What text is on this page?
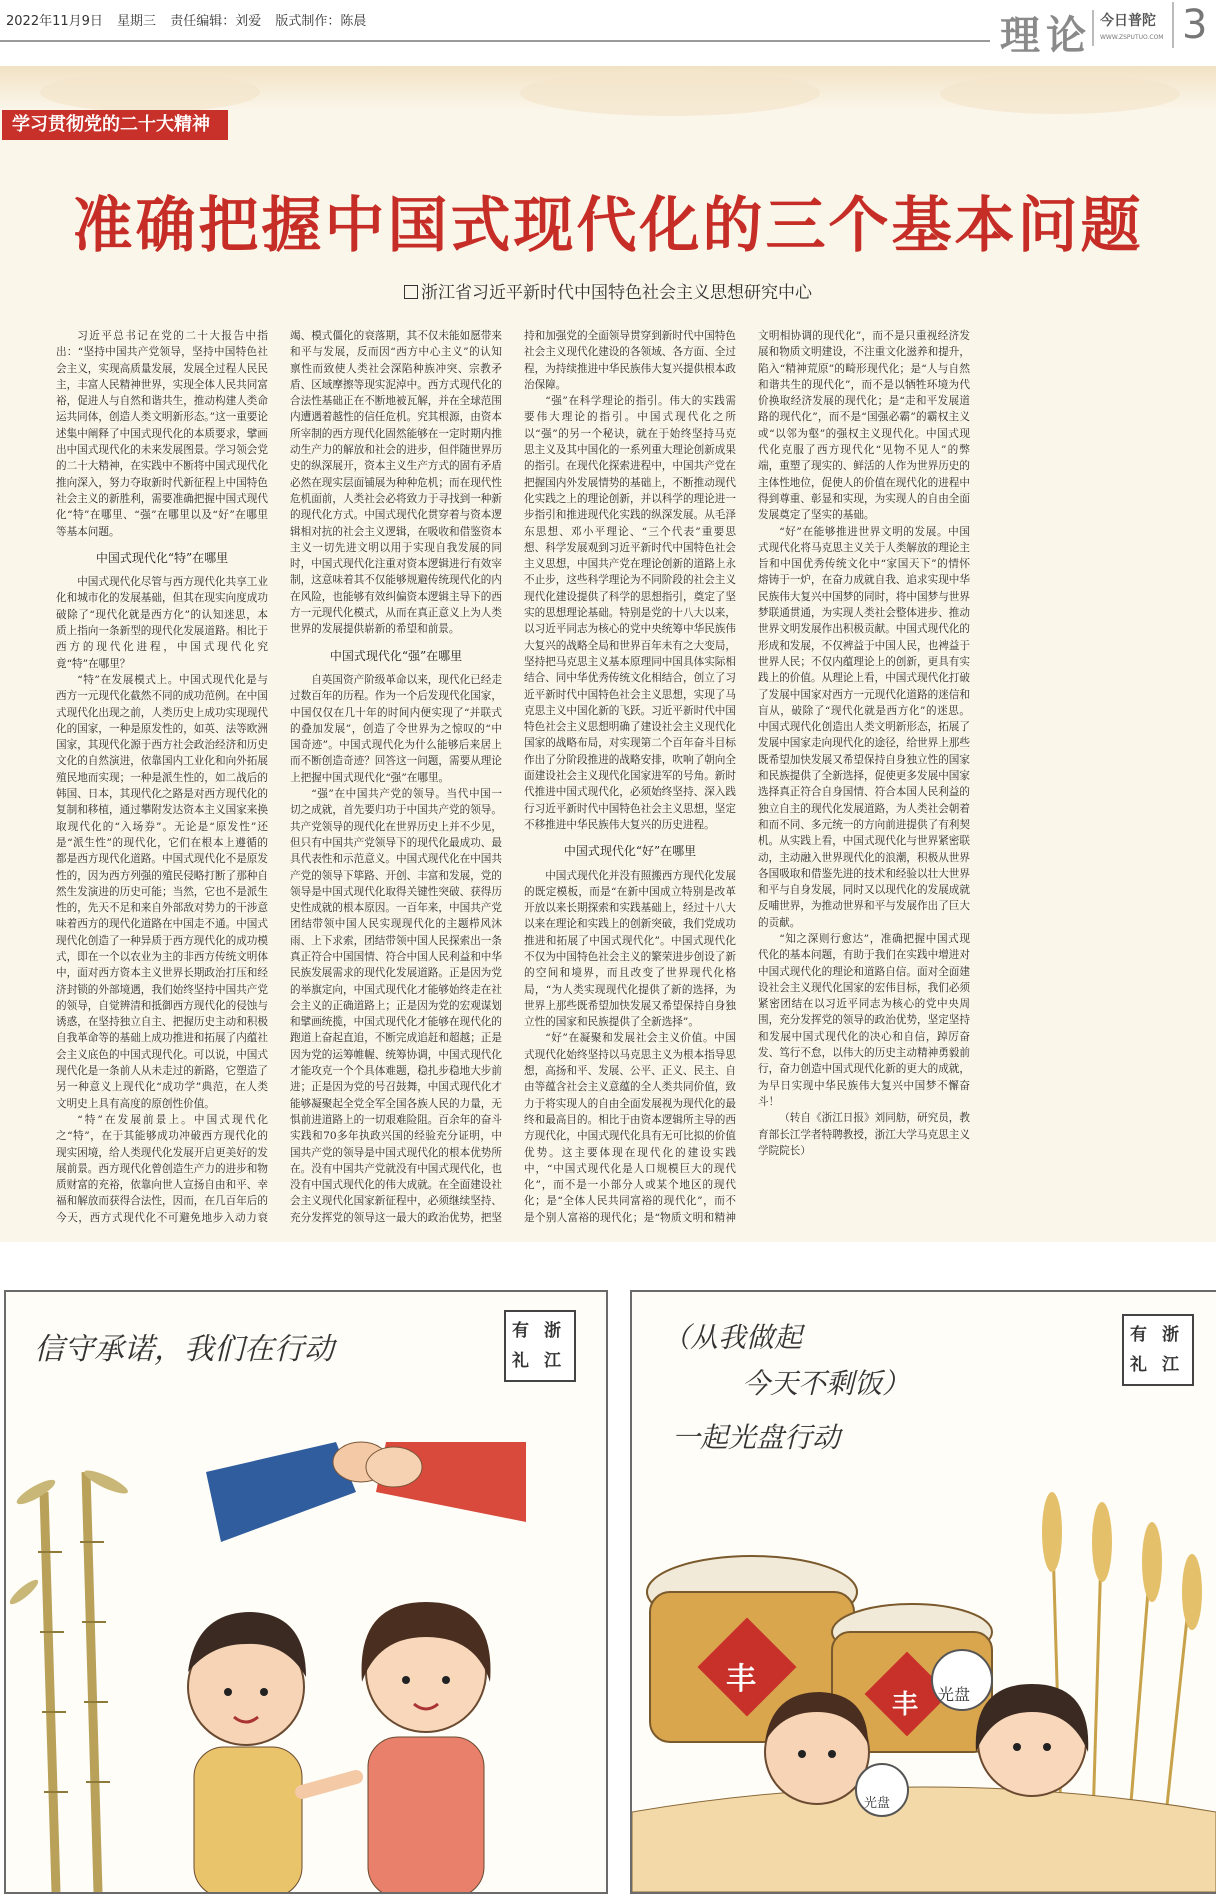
2022年11月9日 星期三 责任编辑：刘爱 版式制作：陈晨	理论 今日普陀
WWW.ZSPUTUO.COM 3
学习贯彻党的二十大精神
准确把握中国式现代化的三个基本问题
浙江省习近平新时代中国特色社会主义思想研究中心

习近平总书记在党的二十大报告中指出：“坚持中国共产党领导，坚持中国特色社会主义，实现高质量发展，发展全过程人民民主，丰富人民精神世界，实现全体人民共同富裕，促进人与自然和谐共生，推动构建人类命运共同体，创造人类文明新形态。”这一重要论述集中阐释了中国式现代化的本质要求，擘画出中国式现代化的未来发展图景。学习领会党的二十大精神，在实践中不断将中国式现代化推向深入，努力夺取新时代新征程上中国特色社会主义的新胜利，需要准确把握中国式现代化“特”在哪里、“强”在哪里以及“好”在哪里等基本问题。

中国式现代化“特”在哪里

中国式现代化尽管与西方现代化共享工业化和城市化的发展基础，但其在现实向度成功破除了“现代化就是西方化”的认知迷思，本质上指向一条新型的现代化发展道路。相比于西方的现代化进程，中国式现代化究竟“特”在哪里？

“特”在发展模式上。中国式现代化是与西方一元现代化截然不同的成功范例。在中国式现代化出现之前，人类历史上成功实现现代化的国家，一种是原发性的，如英、法等欧洲国家，其现代化源于西方社会政治经济和历史文化的自然演进，依靠国内工业化和向外拓展殖民地而实现；一种是派生性的，如二战后的韩国、日本，其现代化之路是对西方现代化的复制和移植，通过攀附发达资本主义国家来换取现代化的“入场券”。无论是“原发性”还是“派生性”的现代化，它们在根本上遵循的都是西方现代化道路。中国式现代化不是原发性的，因为西方列强的殖民侵略打断了那种自然生发演进的历史可能；当然，它也不是派生性的，先天不足和来自外部敌对势力的干涉意味着西方的现代化道路在中国走不通。中国式现代化创造了一种异质于西方现代化的成功模式，即在一个以农业为主的非西方传统文明体中，面对西方资本主义世界长期政治打压和经济封锁的外部境遇，我们始终坚持中国共产党的领导，自觉辨清和抵御西方现代化的侵蚀与诱惑，在坚持独立自主、把握历史主动和积极自我革命等的基础上成功推进和拓展了内蕴社会主义底色的中国式现代化。可以说，中国式现代化是一条前人从未走过的新路，它塑造了另一种意义上现代化“成功学”典范，在人类文明史上具有高度的原创性价值。

“特”在发展前景上。中国式现代化之“特”，在于其能够成功冲破西方现代化的现实困境，给人类现代化发展开启更美好的发展前景。西方现代化曾创造生产力的进步和物质财富的充裕，依靠向世人宣扬自由和平、幸福和解放而获得合法性，因而，在几百年后的今天，西方式现代化不可避免地步入动力衰竭、模式僵化的衰落期，其不仅未能如愿带来和平与发展，反而因“西方中心主义”的认知禀性而致使人类社会深陷种族冲突、宗教矛盾、区域摩擦等现实泥淖中。西方式现代化的合法性基础正在不断地被瓦解，并在全球范围内遭遇着越性的信任危机。究其根源，由资本所宰制的西方现代化固然能够在一定时期内推动生产力的解放和社会的进步，但伴随世界历史的纵深展开，资本主义生产方式的固有矛盾必然在现实层面铺展为种种危机；而在现代性危机面前，人类社会必将致力于寻找到一种新的现代化方式。中国式现代化贯穿着与资本逻辑相对抗的社会主义逻辑，在吸收和借鉴资本主义一切先进文明以用于实现自我发展的同时，中国式现代化注重对资本逻辑进行有效宰制，这意味着其不仅能够规避传统现代化的内在风险，也能够有效纠偏资本逻辑主导下的西方一元现代化模式，从而在真正意义上为人类世界的发展提供崭新的希望和前景。

中国式现代化“强”在哪里

自英国资产阶级革命以来，现代化已经走过数百年的历程。作为一个后发现代化国家，中国仅仅在几十年的时间内便实现了“并联式的叠加发展”，创造了令世界为之惊叹的“中国奇迹”。中国式现代化为什么能够后来居上而不断创造奇迹？回答这一问题，需要从理论上把握中国式现代化“强”在哪里。

“强”在中国共产党的领导。当代中国一切之成就，首先要归功于中国共产党的领导。共产党领导的现代化在世界历史上并不少见，但只有中国共产党领导下的现代化最成功、最具代表性和示范意义。中国式现代化在中国共产党的领导下筚路、开创、丰富和发展，党的领导是中国式现代化取得关键性突破、获得历史性成就的根本原因。一百年来，中国共产党团结带领中国人民实现现代化的主题栉风沐雨、上下求索，团结带领中国人民探索出一条真正符合中国国情、符合中国人民利益和中华民族发展需求的现代化发展道路。正是因为党的举旗定向，中国式现代化才能够始终走在社会主义的正确道路上；正是因为党的宏观谋划和擘画统揽，中国式现代化才能够在现代化的跑道上奋起直追，不断完成追赶和超越；正是因为党的运筹帷幄、统筹协调，中国式现代化才能攻克一个个具体难题，稳扎步稳地大步前进；正是因为党的号召鼓舞，中国式现代化才能够凝聚起全党全军全国各族人民的力量，无惧前进道路上的一切艰难险阻。百余年的奋斗实践和70多年执政兴国的经验充分证明，中国共产党的领导是中国式现代化的根本优势所在。没有中国共产党就没有中国式现代化，也没有中国式现代化的伟大成就。在全面建设社会主义现代化国家新征程中，必须继续坚持、充分发挥党的领导这一最大的政治优势，把坚持和加强党的全面领导贯穿到新时代中国特色社会主义现代化建设的各领域、各方面、全过程，为持续推进中华民族伟大复兴提供根本政治保障。

“强”在科学理论的指引。伟大的实践需要伟大理论的指引。中国式现代化之所以“强”的另一个秘诀，就在于始终坚持马克思主义及其中国化的一系列重大理论创新成果的指引。在现代化探索进程中，中国共产党在把握国内外发展情势的基础上，不断推动现代化实践之上的理论创新，并以科学的理论进一步指引和推进现代化实践的纵深发展。从毛泽东思想、邓小平理论、“三个代表”重要思想、科学发展观到习近平新时代中国特色社会主义思想，中国共产党在理论创新的道路上永不止步，这些科学理论为不同阶段的社会主义现代化建设提供了科学的思想指引，奠定了坚实的思想理论基础。特别是党的十八大以来，以习近平同志为核心的党中央统筹中华民族伟大复兴的战略全局和世界百年未有之大变局，坚持把马克思主义基本原理同中国具体实际相结合、同中华优秀传统文化相结合，创立了习近平新时代中国特色社会主义思想，实现了马克思主义中国化新的飞跃。习近平新时代中国特色社会主义思想明确了建设社会主义现代化国家的战略布局，对实现第二个百年奋斗目标作出了分阶段推进的战略安排，吹响了朝向全面建设社会主义现代化国家进军的号角。新时代推进中国式现代化，必须始终坚持、深入践行习近平新时代中国特色社会主义思想，坚定不移推进中华民族伟大复兴的历史进程。

中国式现代化“好”在哪里

中国式现代化并没有照搬西方现代化发展的既定模板，而是“在新中国成立特别是改革开放以来长期探索和实践基础上，经过十八大以来在理论和实践上的创新突破，我们党成功推进和拓展了中国式现代化”。中国式现代化不仅为中国特色社会主义的繁荣进步创设了新的空间和境界，而且改变了世界现代化格局，“为人类实现现代化提供了新的选择，为世界上那些既希望加快发展又希望保持自身独立性的国家和民族提供了全新选择”。

“好”在凝聚和发展社会主义价值。中国式现代化始终坚持以马克思主义为根本指导思想，高扬和平、发展、公平、正义、民主、自由等蕴含社会主义意蕴的全人类共同价值，致力于将实现人的自由全面发展视为现代化的最终和最高目的。相比于由资本逻辑所主导的西方现代化，中国式现代化具有无可比拟的价值优势。这主要体现在现代化的建设实践中，“中国式现代化是人口规模巨大的现代化”，而不是一小部分人或某个地区的现代化；是“全体人民共同富裕的现代化”，而不是个别人富裕的现代化；是“物质文明和精神文明相协调的现代化”，而不是只重视经济发展和物质文明建设，不注重文化滋养和提升，陷入“精神荒原”的畸形现代化；是“人与自然和谐共生的现代化”，而不是以牺牲环境为代价换取经济发展的现代化；是“走和平发展道路的现代化”，而不是“国强必霸”的霸权主义或“以邻为壑”的强权主义现代化。中国式现代化克服了西方现代化“见物不见人”的弊端，重塑了现实的、鲜活的人作为世界历史的主体性地位，促使人的价值在现代化的进程中得到尊重、彰显和实现，为实现人的自由全面发展奠定了坚实的基础。

“好”在能够推进世界文明的发展。中国式现代化将马克思主义关于人类解放的理论主旨和中国优秀传统文化中“家国天下”的情怀熔铸于一炉，在奋力成就自我、追求实现中华民族伟大复兴中国梦的同时，将中国梦与世界梦联通贯通，为实现人类社会整体进步、推动世界文明发展作出积极贡献。中国式现代化的形成和发展，不仅裨益于中国人民，也裨益于世界人民；不仅内蕴理论上的创新，更具有实践上的价值。从理论上看，中国式现代化打破了发展中国家对西方一元现代化道路的迷信和盲从，破除了“现代化就是西方化”的迷思。中国式现代化创造出人类文明新形态，拓展了发展中国家走向现代化的途径，给世界上那些既希望加快发展又希望保持自身独立性的国家和民族提供了全新选择，促使更多发展中国家选择真正符合自身国情、符合本国人民利益的独立自主的现代化发展道路，为人类社会朝着和而不同、多元统一的方向前进提供了有利契机。从实践上看，中国式现代化与世界紧密联动，主动融入世界现代化的浪潮，积极从世界各国吸取和借鉴先进的技术和经验以壮大世界和平与自身发展，同时又以现代化的发展成就反哺世界，为推动世界和平与发展作出了巨大的贡献。

“知之深则行愈达”，准确把握中国式现代化的基本问题，有助于我们在实践中增进对中国式现代化的理论和道路自信。面对全面建设社会主义现代化国家的宏伟目标，我们必须紧密团结在以习近平同志为核心的党中央周围，充分发挥党的领导的政治优势，坚定坚持和发展中国式现代化的决心和自信，踔厉奋发、笃行不怠，以伟大的历史主动精神勇毅前行，奋力创造中国式现代化新的更大的成就，为早日实现中华民族伟大复兴中国梦不懈奋斗！

（转自《浙江日报》刘同舫，研究员，教育部长江学者特聘教授，浙江大学马克思主义学院院长）

信守承诺，我们在行动
有 浙
礼 江
（从我做起
今天不剩饭）
一起光盘行动
有 浙
礼 江
丰
丰
光盘
光盘
